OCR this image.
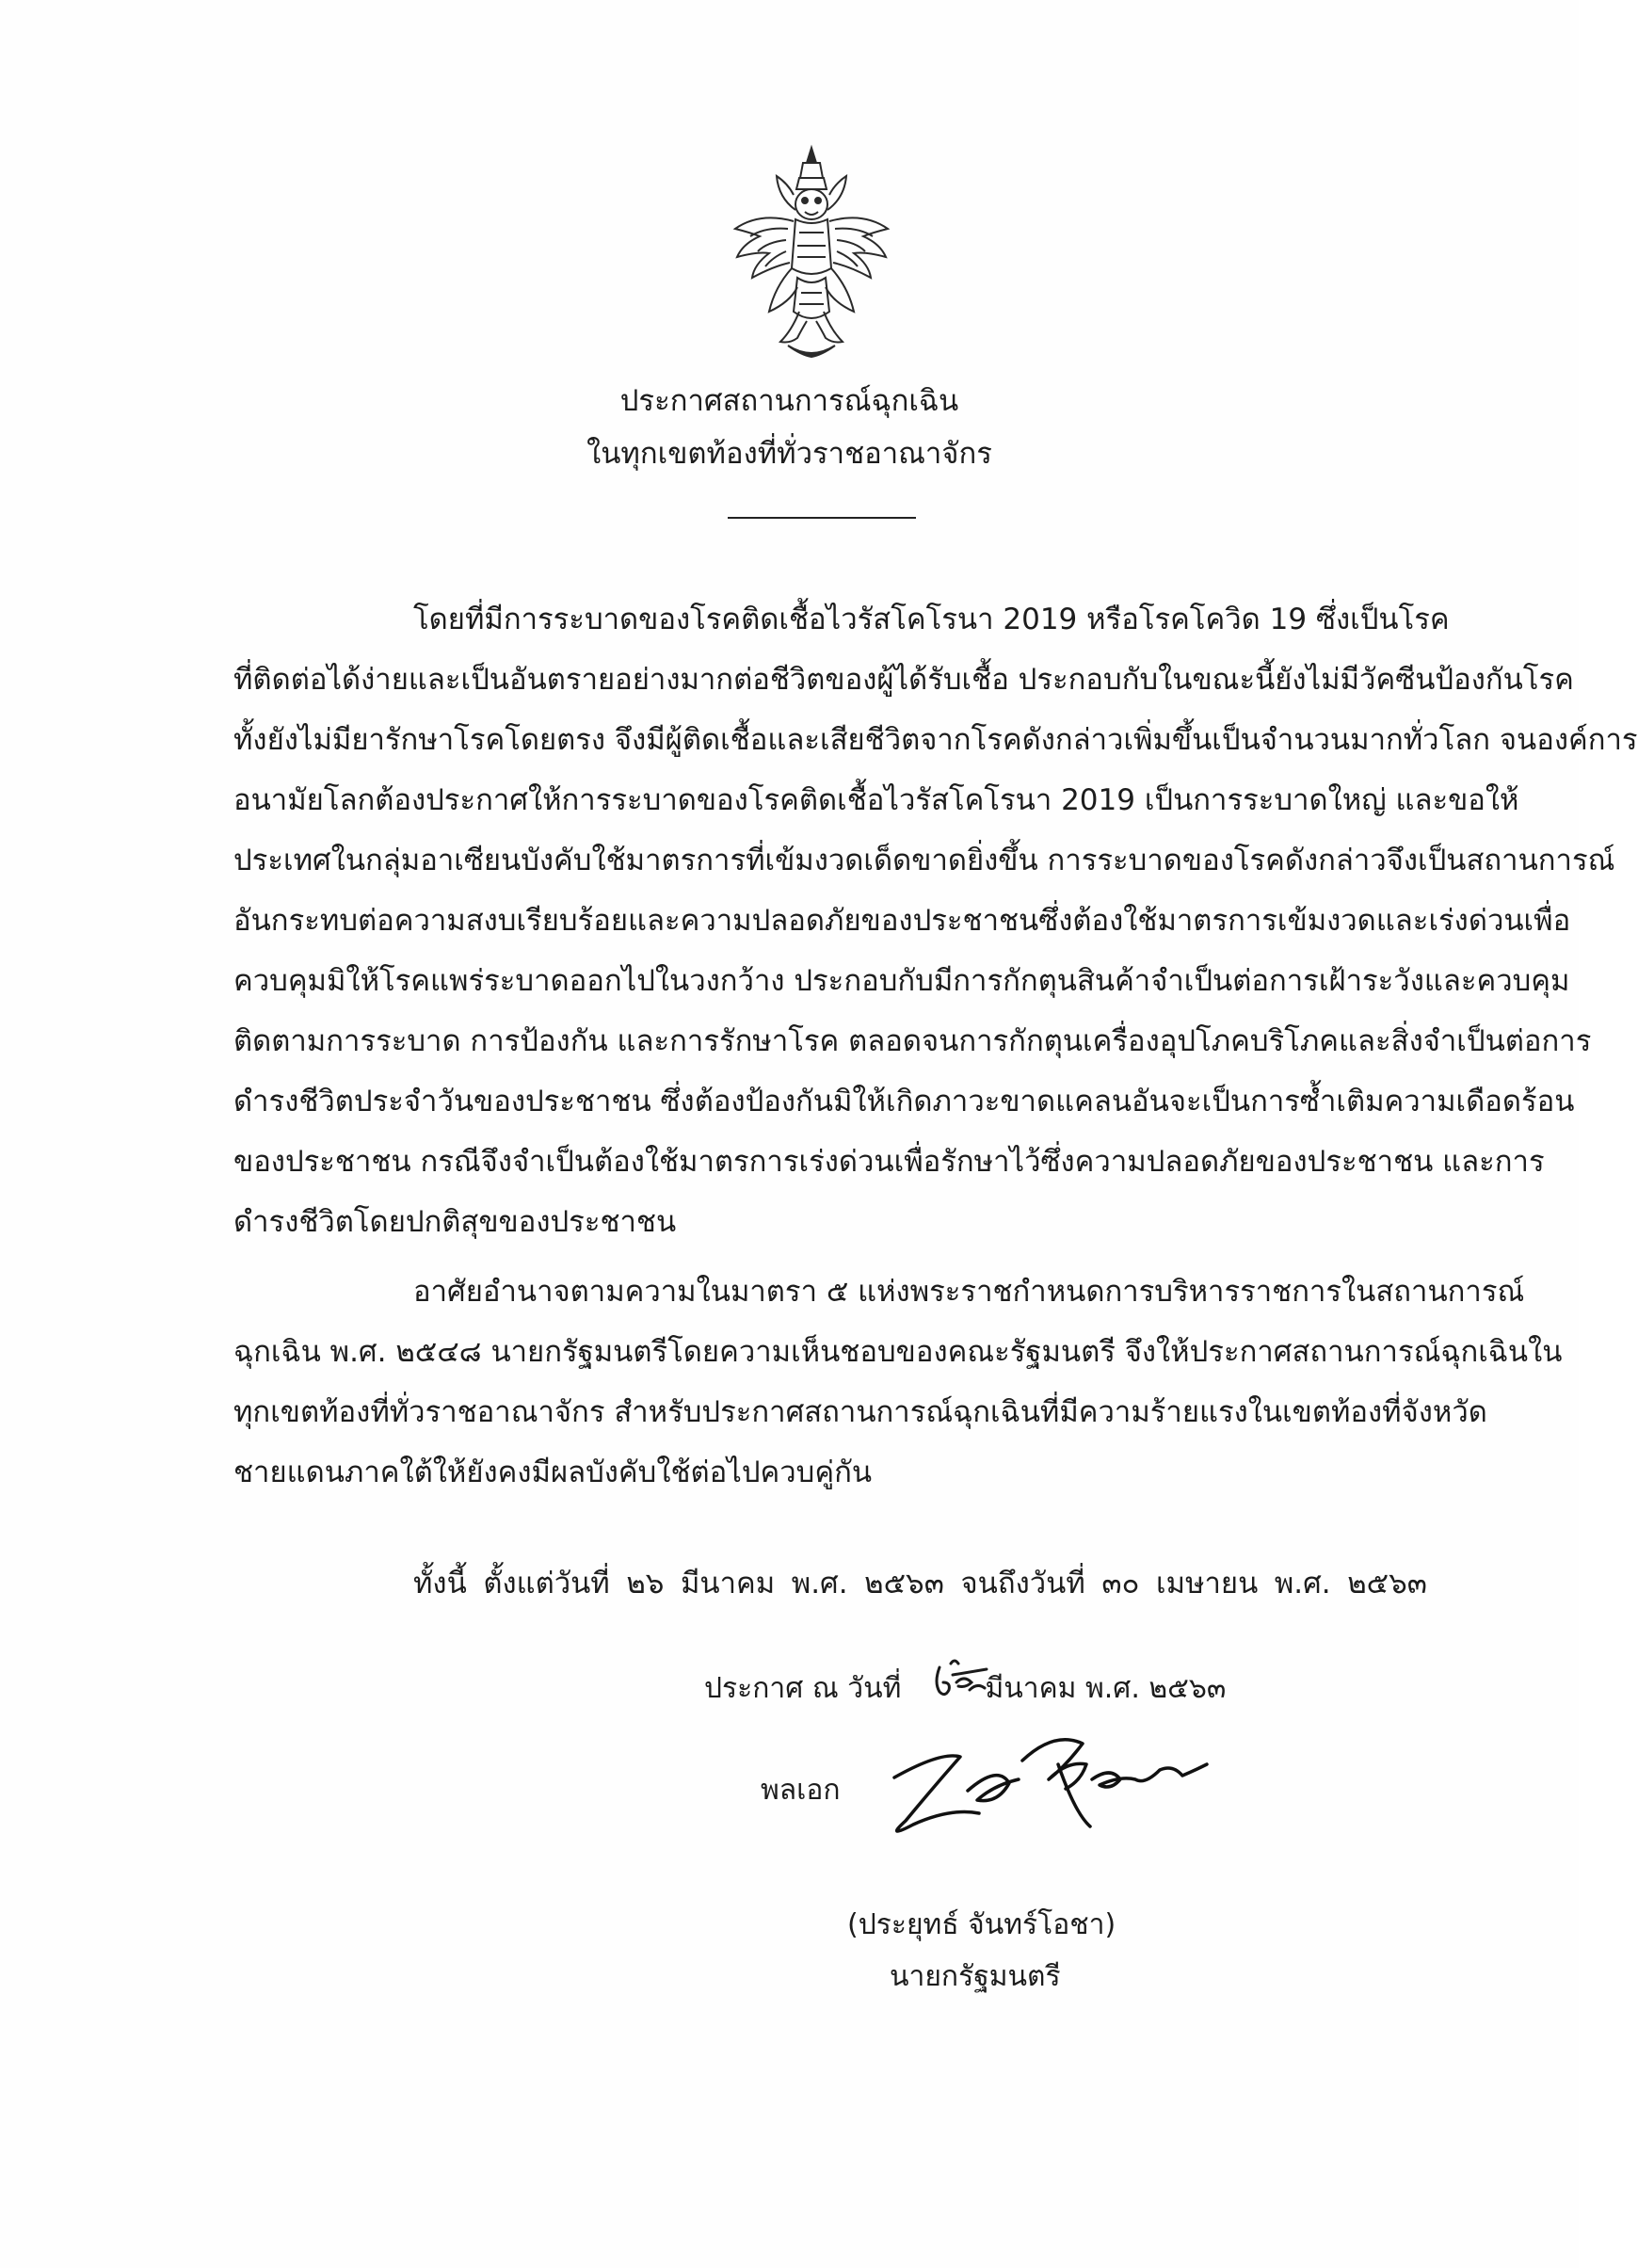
ประกาศสถานการณ์ฉุกเฉิน
ในทุกเขตท้องที่ทั่วราชอาณาจักร
โดยที่มีการระบาดของโรคติดเชื้อไวรัสโคโรนา 2019 หรือโรคโควิด 19 ซึ่งเป็นโรค
ที่ติดต่อได้ง่ายและเป็นอันตรายอย่างมากต่อชีวิตของผู้ได้รับเชื้อ ประกอบกับในขณะนี้ยังไม่มีวัคซีนป้องกันโรค
ทั้งยังไม่มียารักษาโรคโดยตรง จึงมีผู้ติดเชื้อและเสียชีวิตจากโรคดังกล่าวเพิ่มขึ้นเป็นจำนวนมากทั่วโลก จนองค์การ
อนามัยโลกต้องประกาศให้การระบาดของโรคติดเชื้อไวรัสโคโรนา 2019 เป็นการระบาดใหญ่ และขอให้
ประเทศในกลุ่มอาเซียนบังคับใช้มาตรการที่เข้มงวดเด็ดขาดยิ่งขึ้น การระบาดของโรคดังกล่าวจึงเป็นสถานการณ์
อันกระทบต่อความสงบเรียบร้อยและความปลอดภัยของประชาชนซึ่งต้องใช้มาตรการเข้มงวดและเร่งด่วนเพื่อ
ควบคุมมิให้โรคแพร่ระบาดออกไปในวงกว้าง ประกอบกับมีการกักตุนสินค้าจำเป็นต่อการเฝ้าระวังและควบคุม
ติดตามการระบาด การป้องกัน และการรักษาโรค ตลอดจนการกักตุนเครื่องอุปโภคบริโภคและสิ่งจำเป็นต่อการ
ดำรงชีวิตประจำวันของประชาชน ซึ่งต้องป้องกันมิให้เกิดภาวะขาดแคลนอันจะเป็นการซ้ำเติมความเดือดร้อน
ของประชาชน กรณีจึงจำเป็นต้องใช้มาตรการเร่งด่วนเพื่อรักษาไว้ซึ่งความปลอดภัยของประชาชน และการ
ดำรงชีวิตโดยปกติสุขของประชาชน
อาศัยอำนาจตามความในมาตรา ๕ แห่งพระราชกำหนดการบริหารราชการในสถานการณ์
ฉุกเฉิน พ.ศ. ๒๕๔๘ นายกรัฐมนตรีโดยความเห็นชอบของคณะรัฐมนตรี จึงให้ประกาศสถานการณ์ฉุกเฉินใน
ทุกเขตท้องที่ทั่วราชอาณาจักร สำหรับประกาศสถานการณ์ฉุกเฉินที่มีความร้ายแรงในเขตท้องที่จังหวัด
ชายแดนภาคใต้ให้ยังคงมีผลบังคับใช้ต่อไปควบคู่กัน
ทั้งนี้ ตั้งแต่วันที่ ๒๖ มีนาคม พ.ศ. ๒๕๖๓ จนถึงวันที่ ๓๐ เมษายน พ.ศ. ๒๕๖๓
ประกาศ ณ วันที่	มีนาคม พ.ศ. ๒๕๖๓
พลเอก
(ประยุทธ์ จันทร์โอชา)
นายกรัฐมนตรี
